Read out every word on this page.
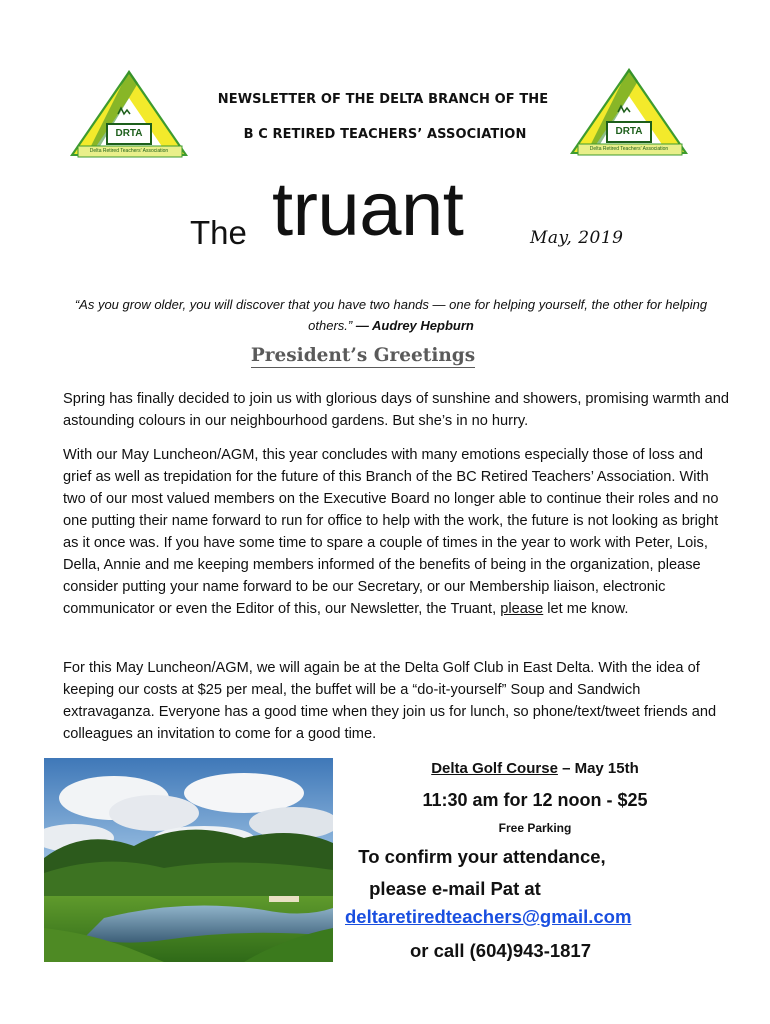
DRTA
Delta Retired Teachers' Association
DRTA
Delta Retired Teachers' Association
NEWSLETTER OF THE DELTA BRANCH OF THE
B C RETIRED TEACHERS’ ASSOCIATION
The truant	May, 2019
“As you grow older, you will discover that you have two hands — one for helping yourself, the other for helping others.” — Audrey Hepburn
President’s Greetings

Spring has finally decided to join us with glorious days of sunshine and showers, promising warmth and astounding colours in our neighbourhood gardens. But she’s in no hurry.

With our May Luncheon/AGM, this year concludes with many emotions especially those of loss and grief as well as trepidation for the future of this Branch of the BC Retired Teachers’ Association. With two of our most valued members on the Executive Board no longer able to continue their roles and no one putting their name forward to run for office to help with the work, the future is not looking as bright as it once was. If you have some time to spare a couple of times in the year to work with Peter, Lois, Della, Annie and me keeping members informed of the benefits of being in the organization, please consider putting your name forward to be our Secretary, or our Membership liaison, electronic communicator or even the Editor of this, our Newsletter, the Truant, please let me know.

For this May Luncheon/AGM, we will again be at the Delta Golf Club in East Delta. With the idea of keeping our costs at $25 per meal, the buffet will be a “do-it-yourself” Soup and Sandwich extravaganza. Everyone has a good time when they join us for lunch, so phone/text/tweet friends and colleagues an invitation to come for a good time.

Delta Golf Course – May 15th
11:30 am for 12 noon - $25
Free Parking
To confirm your attendance,
please e-mail Pat at
deltaretiredteachers@gmail.com
or call (604)943-1817
